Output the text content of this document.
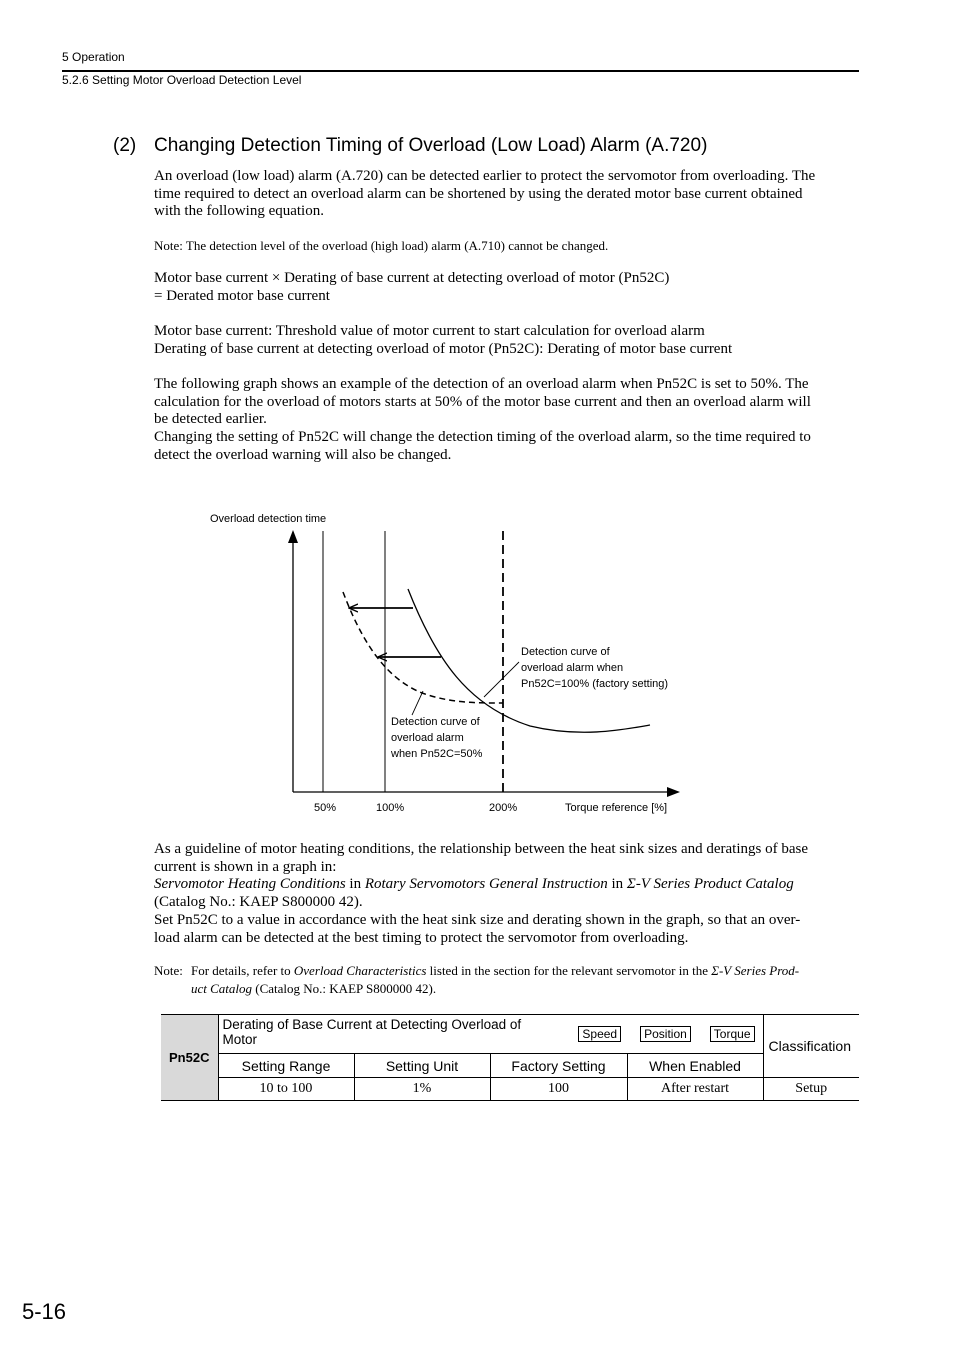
5 Operation
5.2.6 Setting Motor Overload Detection Level
(2) Changing Detection Timing of Overload (Low Load) Alarm (A.720)

An overload (low load) alarm (A.720) can be detected earlier to protect the servomotor from overloading. The

time required to detect an overload alarm can be shortened by using the derated motor base current obtained

with the following equation.

Note: The detection level of the overload (high load) alarm (A.710) cannot be changed.

Motor base current × Derating of base current at detecting overload of motor (Pn52C)

= Derated motor base current

Motor base current: Threshold value of motor current to start calculation for overload alarm

Derating of base current at detecting overload of motor (Pn52C): Derating of motor base current

The following graph shows an example of the detection of an overload alarm when Pn52C is set to 50%. The

calculation for the overload of motors starts at 50% of the motor base current and then an overload alarm will

be detected earlier.

Changing the setting of Pn52C will change the detection timing of the overload alarm, so the time required to

detect the overload warning will also be changed.

Overload detection time
Detection curve of
overload alarm when
Pn52C=100% (factory setting)
Detection curve of
overload alarm
when Pn52C=50%
50%	100%	200%	Torque reference [%]

As a guideline of motor heating conditions, the relationship between the heat sink sizes and deratings of base

current is shown in a graph in:

Servomotor Heating Conditions in Rotary Servomotors General Instruction in Σ-V Series Product Catalog

(Catalog No.: KAEP S800000 42).

Set Pn52C to a value in accordance with the heat sink size and derating shown in the graph, so that an over-

load alarm can be detected at the best timing to protect the servomotor from overloading.

Note: For details, refer to Overload Characteristics listed in the section for the relevant servomotor in the Σ-V Series Prod-
uct Catalog (Catalog No.: KAEP S800000 42).
Pn52C	Derating of Base Current at Detecting Overload of Motor Speed Position Torque				Classification
	Setting Range	Setting Unit	Factory Setting	When Enabled	
	10 to 100	1%	100	After restart	Setup
5-16
